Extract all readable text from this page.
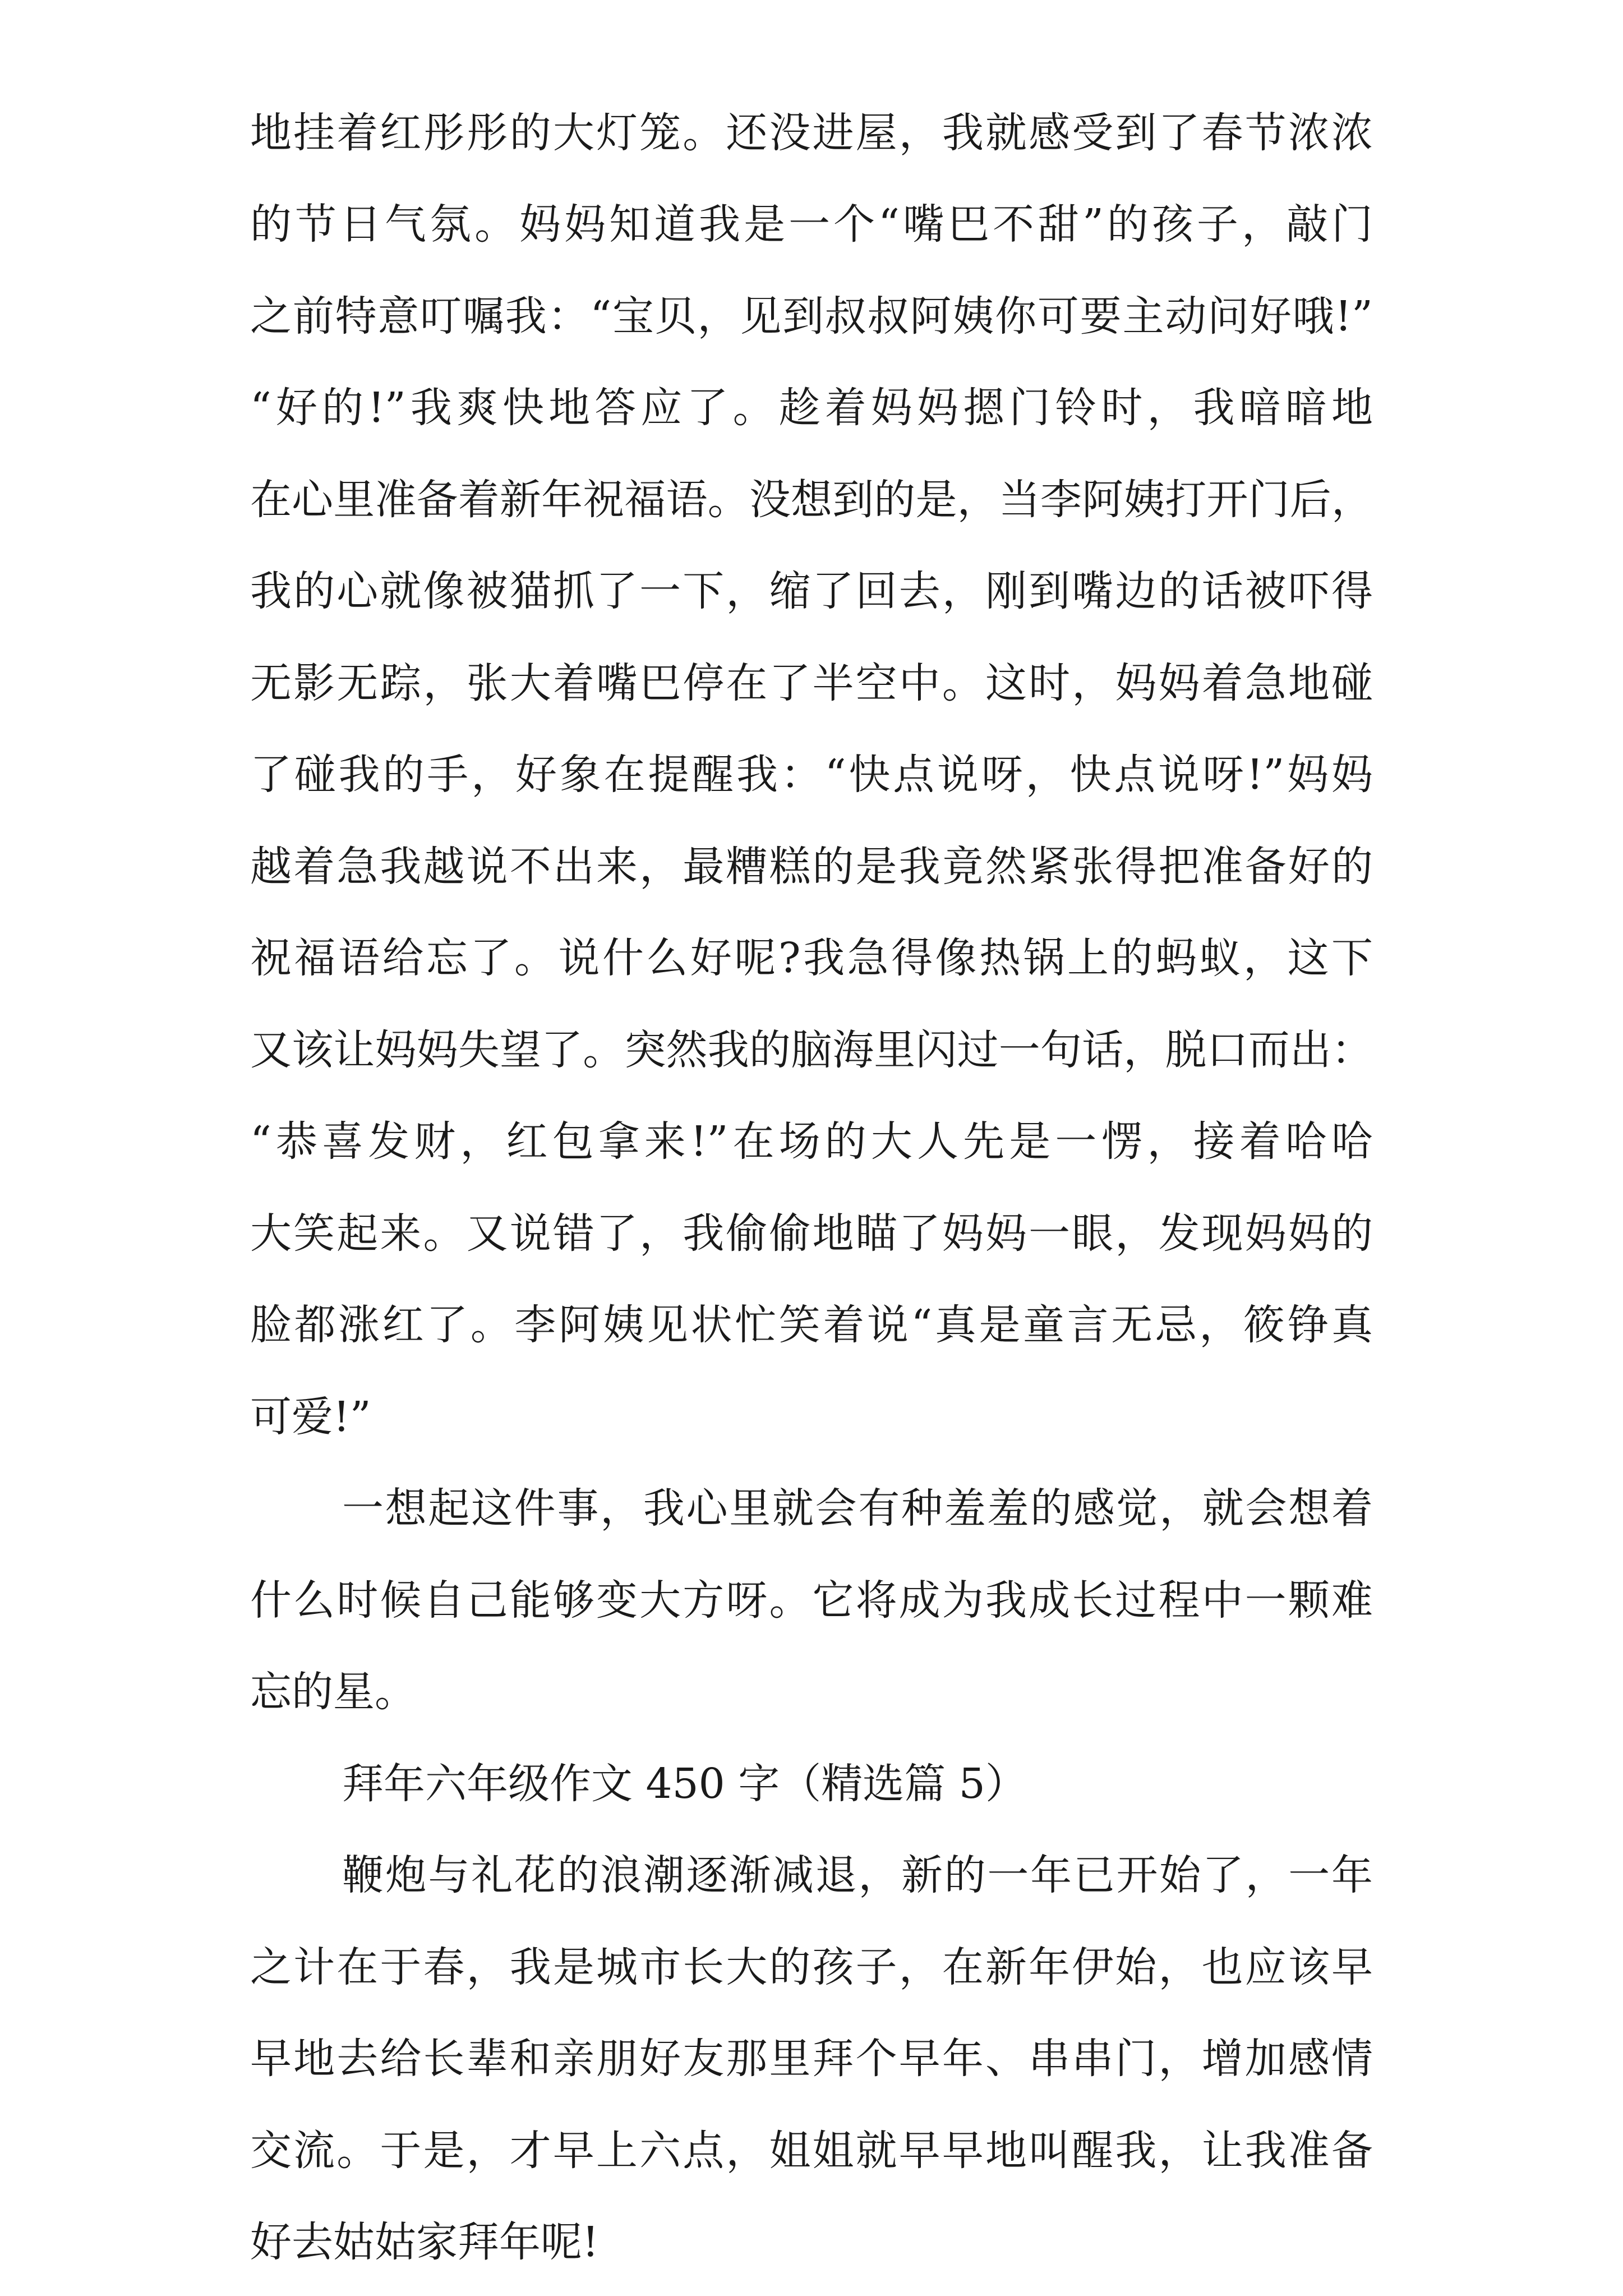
地挂着红彤彤的大灯笼。还没进屋，我就感受到了春节浓浓

的节日气氛。妈妈知道我是一个“嘴巴不甜”的孩子，敲门

之前特意叮嘱我：“宝贝，见到叔叔阿姨你可要主动问好哦!”

“好的!”我爽快地答应了。趁着妈妈摁门铃时，我暗暗地

在心里准备着新年祝福语。没想到的是，当李阿姨打开门后，

我的心就像被猫抓了一下，缩了回去，刚到嘴边的话被吓得

无影无踪，张大着嘴巴停在了半空中。这时，妈妈着急地碰

了碰我的手，好象在提醒我：“快点说呀，快点说呀!”妈妈

越着急我越说不出来，最糟糕的是我竟然紧张得把准备好的

祝福语给忘了。说什么好呢?我急得像热锅上的蚂蚁，这下

又该让妈妈失望了。突然我的脑海里闪过一句话，脱口而出：

“恭喜发财，红包拿来!”在场的大人先是一愣，接着哈哈

大笑起来。又说错了，我偷偷地瞄了妈妈一眼，发现妈妈的

脸都涨红了。李阿姨见状忙笑着说“真是童言无忌，筱铮真

可爱!”

一想起这件事，我心里就会有种羞羞的感觉，就会想着

什么时候自己能够变大方呀。它将成为我成长过程中一颗难

忘的星。

拜年六年级作文 450 字（精选篇 5）

鞭炮与礼花的浪潮逐渐减退，新的一年已开始了，一年

之计在于春，我是城市长大的孩子，在新年伊始，也应该早

早地去给长辈和亲朋好友那里拜个早年、串串门，增加感情

交流。于是，才早上六点，姐姐就早早地叫醒我，让我准备

好去姑姑家拜年呢!
